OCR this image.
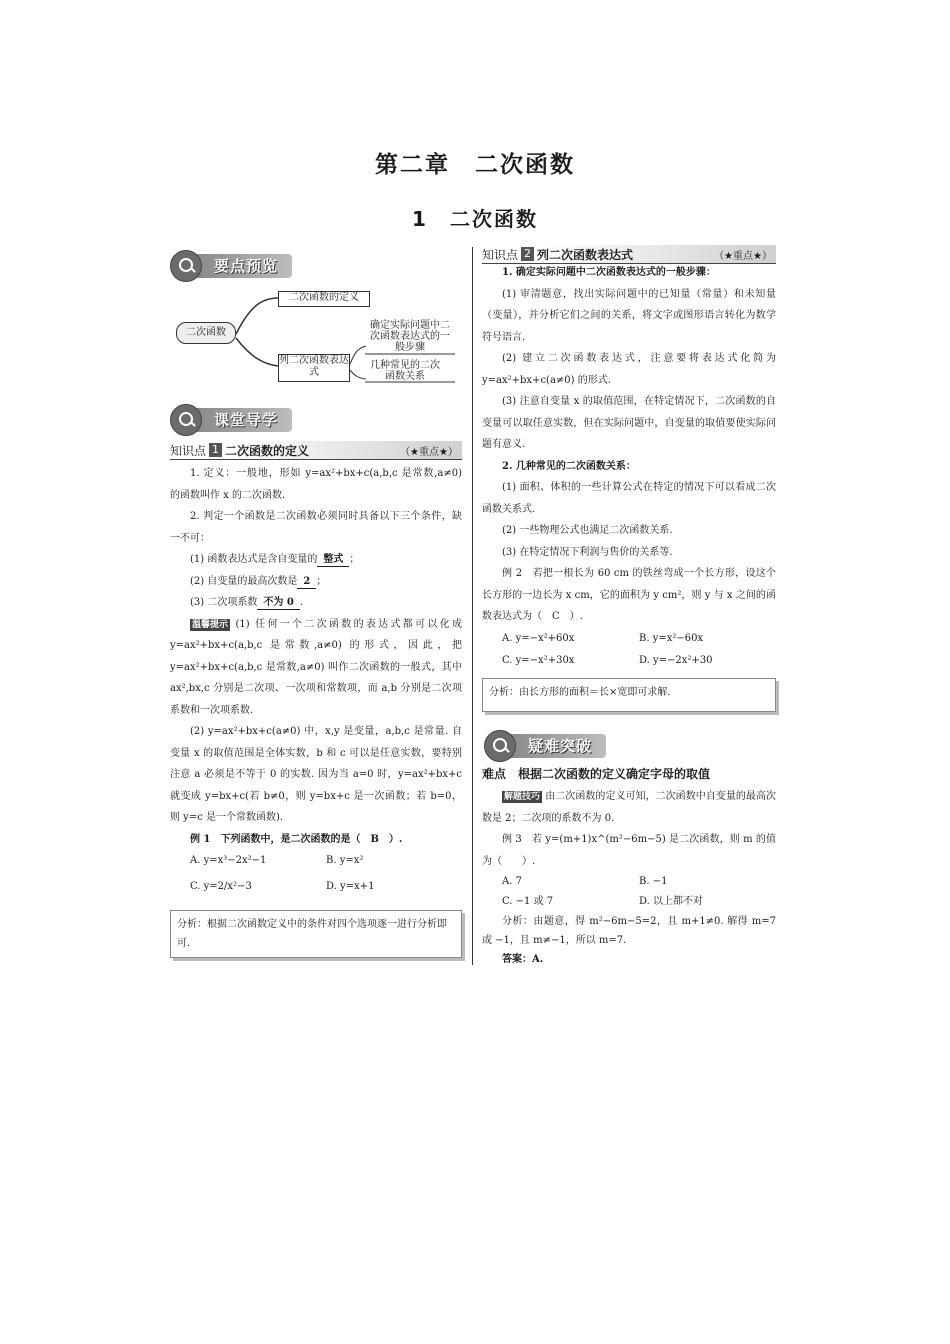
第二章　二次函数
1　二次函数
要点预览
二次函数
二次函数的定义
列二次函数表达式
确定实际问题中二次函数表达式的一般步骤
几种常见的二次函数关系
课堂导学
知识点 1 二次函数的定义	（★重点★）
1. 定义：一般地，形如 y=ax²+bx+c(a,b,c 是常数,a≠0) 的函数叫作 x 的二次函数.
2. 判定一个函数是二次函数必须同时具备以下三个条件，缺一不可：
(1) 函数表达式是含自变量的 整式 ；
(2) 自变量的最高次数是 2 ；
(3) 二次项系数 不为 0 .
温馨提示 (1) 任何一个二次函数的表达式都可以化成 y=ax²+bx+c(a,b,c 是常数,a≠0) 的形式，因此，把 y=ax²+bx+c(a,b,c 是常数,a≠0) 叫作二次函数的一般式，其中 ax²,bx,c 分别是二次项、一次项和常数项，而 a,b 分别是二次项系数和一次项系数.
(2) y=ax²+bx+c(a≠0) 中，x,y 是变量，a,b,c 是常量. 自变量 x 的取值范围是全体实数，b 和 c 可以是任意实数，要特别注意 a 必须是不等于 0 的实数. 因为当 a=0 时，y=ax²+bx+c 就变成 y=bx+c(若 b≠0，则 y=bx+c 是一次函数；若 b=0，则 y=c 是一个常数函数).
例 1　下列函数中，是二次函数的是（　B　）.
A. y=x³−2x²−1	B. y=x²
C. y=2/x²−3	D. y=x+1
分析：根据二次函数定义中的条件对四个选项逐一进行分析即可.
知识点 2 列二次函数表达式	（★重点★）
1. 确定实际问题中二次函数表达式的一般步骤：
(1) 审清题意，找出实际问题中的已知量（常量）和未知量（变量），并分析它们之间的关系，将文字或图形语言转化为数学符号语言.
(2) 建立二次函数表达式，注意要将表达式化简为 y=ax²+bx+c(a≠0) 的形式.
(3) 注意自变量 x 的取值范围，在特定情况下，二次函数的自变量可以取任意实数，但在实际问题中，自变量的取值要使实际问题有意义.
2. 几种常见的二次函数关系：
(1) 面积、体积的一些计算公式在特定的情况下可以看成二次函数关系式.
(2) 一些物理公式也满足二次函数关系.
(3) 在特定情况下利润与售价的关系等.
例 2　若把一根长为 60 cm 的铁丝弯成一个长方形，设这个长方形的一边长为 x cm，它的面积为 y cm²，则 y 与 x 之间的函数表达式为（　C　）.
A. y=−x²+60x	B. y=x²−60x
C. y=−x²+30x	D. y=−2x²+30
分析：由长方形的面积＝长×宽即可求解.
疑难突破
难点　根据二次函数的定义确定字母的取值
解题技巧 由二次函数的定义可知，二次函数中自变量的最高次数是 2；二次项的系数不为 0.
例 3　若 y=(m+1)x^(m²−6m−5) 是二次函数，则 m 的值为（　　）.
A. 7	B. −1
C. −1 或 7	D. 以上都不对
分析：由题意，得 m²−6m−5=2，且 m+1≠0. 解得 m=7 或 −1，且 m≠−1，所以 m=7.
答案：A.
